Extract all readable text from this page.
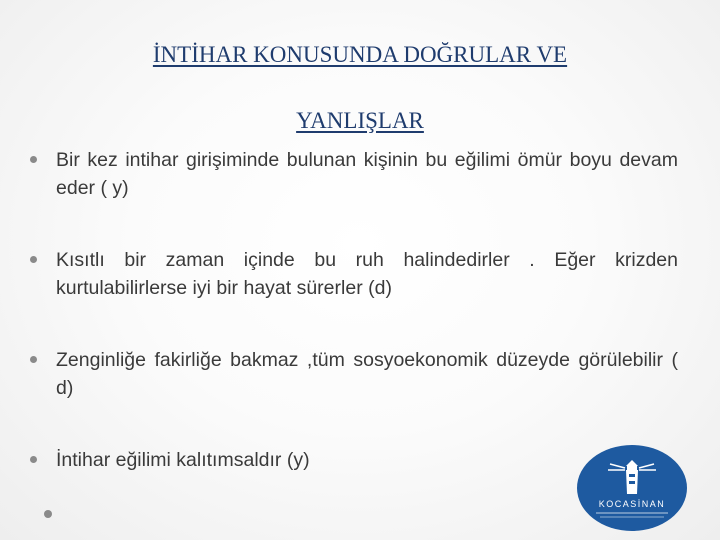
İNTİHAR KONUSUNDA DOĞRULAR VE
YANLIŞLAR
Bir kez intihar girişiminde bulunan kişinin bu eğilimi ömür boyu devam eder ( y)
Kısıtlı bir zaman içinde bu ruh halindedirler . Eğer krizden kurtulabilirlerse iyi bir hayat sürerler (d)
Zenginliğe fakirliğe bakmaz ,tüm sosyoekonomik düzeyde görülebilir ( d)
İntihar eğilimi kalıtımsaldır (y)
KOCASİNAN
